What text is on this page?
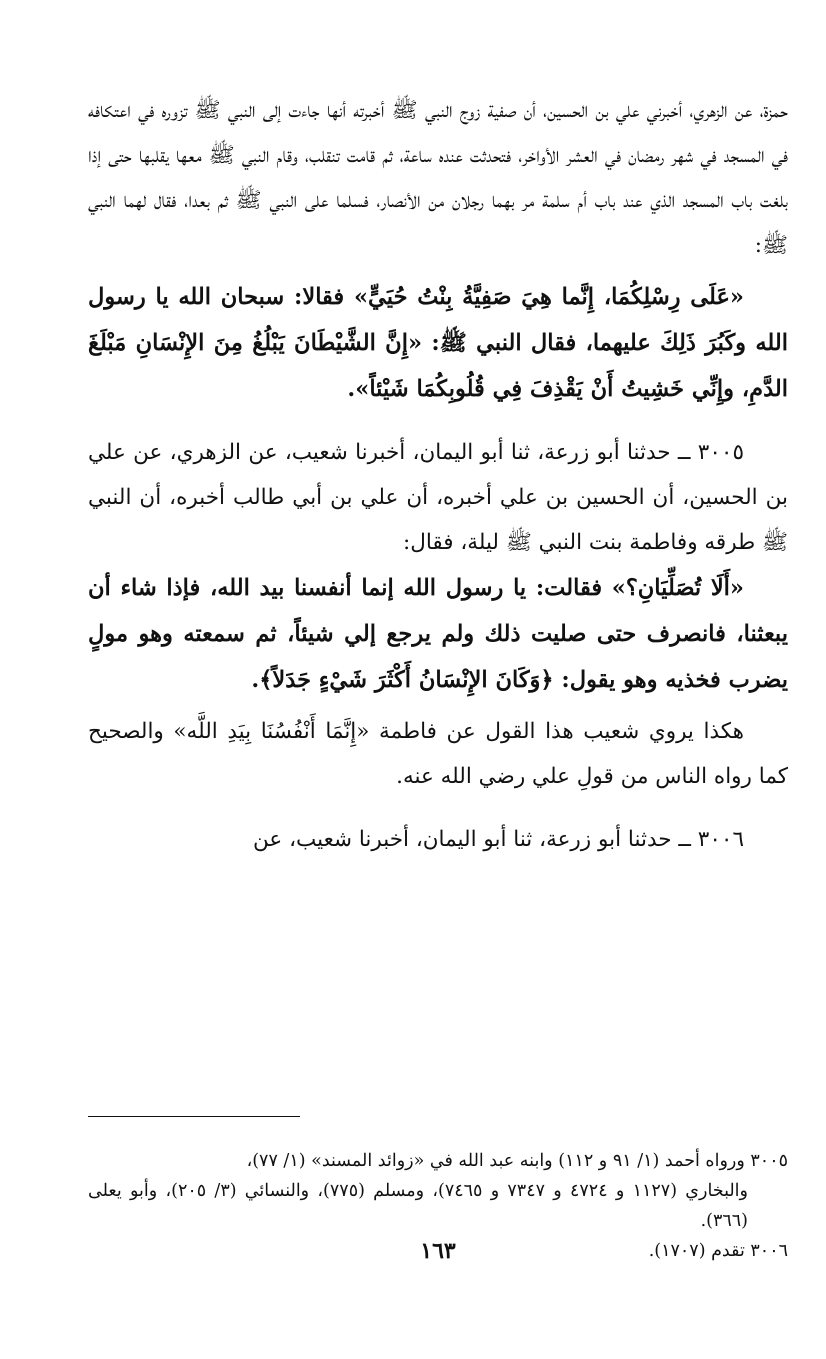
حمزة، عن الزهري، أخبرني علي بن الحسين، أن صفية زوج النبي ﷺ أخبرته أنها جاءت إلى النبي ﷺ تزوره في اعتكافه في المسجد في شهر رمضان في العشر الأواخر، فتحدثت عنده ساعة، ثم قامت تنقلب، وقام النبي ﷺ معها يقلبها حتى إذا بلغت باب المسجد الذي عند باب أم سلمة مر بهما رجلان من الأنصار، فسلما على النبي ﷺ ثم بعدا، فقال لهما النبي ﷺ:

«عَلَى رِسْلِكُمَا، إِنَّما هِيَ صَفِيَّةُ بِنْتُ حُيَيٍّ» فقالا: سبحان الله يا رسول الله وكَبُرَ ذَلِكَ عليهما، فقال النبي ﷺ: «إِنَّ الشَّيْطَانَ يَبْلُغُ مِنَ الإِنْسَانِ مَبْلَغَ الدَّمِ، وإِنِّي خَشِيتُ أَنْ يَقْذِفَ فِي قُلُوبِكُمَا شَيْئاً».

٣٠٠٥ ــ حدثنا أبو زرعة، ثنا أبو اليمان، أخبرنا شعيب، عن الزهري، عن علي بن الحسين، أن الحسين بن علي أخبره، أن علي بن أبي طالب أخبره، أن النبي ﷺ طرقه وفاطمة بنت النبي ﷺ ليلة، فقال:

«أَلَا تُصَلِّيَانِ؟» فقالت: يا رسول الله إنما أنفسنا بيد الله، فإذا شاء أن يبعثنا، فانصرف حتى صليت ذلك ولم يرجع إلي شيئاً، ثم سمعته وهو مولٍ يضرب فخذيه وهو يقول: ﴿وَكَانَ الإِنْسَانُ أَكْثَرَ شَيْءٍ جَدَلاً﴾.

هكذا يروي شعيب هذا القول عن فاطمة «إِنَّمَا أَنْفُسُنَا بِيَدِ اللَّه» والصحيح كما رواه الناس من قولِ علي رضي الله عنه.

٣٠٠٦ ــ حدثنا أبو زرعة، ثنا أبو اليمان، أخبرنا شعيب، عن

٣٠٠٥ ورواه أحمد (١/ ٩١ و ١١٢) وابنه عبد الله في «زوائد المسند» (١/ ٧٧)،

والبخاري (١١٢٧ و ٤٧٢٤ و ٧٣٤٧ و ٧٤٦٥)، ومسلم (٧٧٥)، والنسائي (٣/ ٢٠٥)، وأبو يعلى (٣٦٦).

٣٠٠٦ تقدم (١٧٠٧).

١٦٣
